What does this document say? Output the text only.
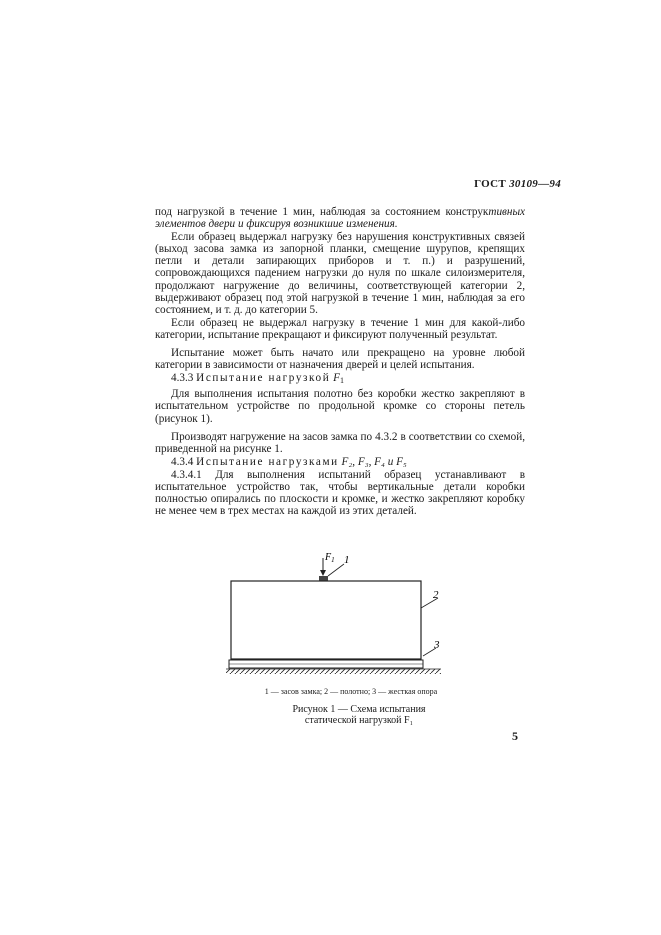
ГОСТ 30109—94

под нагрузкой в течение 1 мин, наблюдая за состоянием конструктивных элементов двери и фиксируя возникшие изменения.

Если образец выдержал нагрузку без нарушения конструктивных связей (выход засова замка из запорной планки, смещение шурупов, крепящих петли и детали запирающих приборов и т. п.) и разрушений, сопровождающихся падением нагрузки до нуля по шкале силоизмерителя, продолжают нагружение до величины, соответствующей категории 2, выдерживают образец под этой нагрузкой в течение 1 мин, наблюдая за его состоянием, и т. д. до категории 5.

Если образец не выдержал нагрузку в течение 1 мин для какой-либо категории, испытание прекращают и фиксируют полученный результат.

Испытание может быть начато или прекращено на уровне любой категории в зависимости от назначения дверей и целей испытания.

4.3.3 Испытание нагрузкой $F_1$

Для выполнения испытания полотно без коробки жестко закрепляют в испытательном устройстве по продольной кромке со стороны петель (рисунок 1).

Производят нагружение на засов замка по 4.3.2 в соответствии со схемой, приведенной на рисунке 1.

4.3.4 Испытание нагрузками F₂, F₃, F₄ и F₅

4.3.4.1 Для выполнения испытаний образец устанавливают в испытательное устройство так, чтобы вертикальные детали коробки полностью опирались по плоскости и кромке, и жестко закрепляют коробку не менее чем в трех местах на каждой из этих деталей.

$F_1$ 1
2
3
1 — засов замка; 2 — полотно; 3 — жесткая опора
Рисунок 1 — Схема испытания статической нагрузкой F₁
5
